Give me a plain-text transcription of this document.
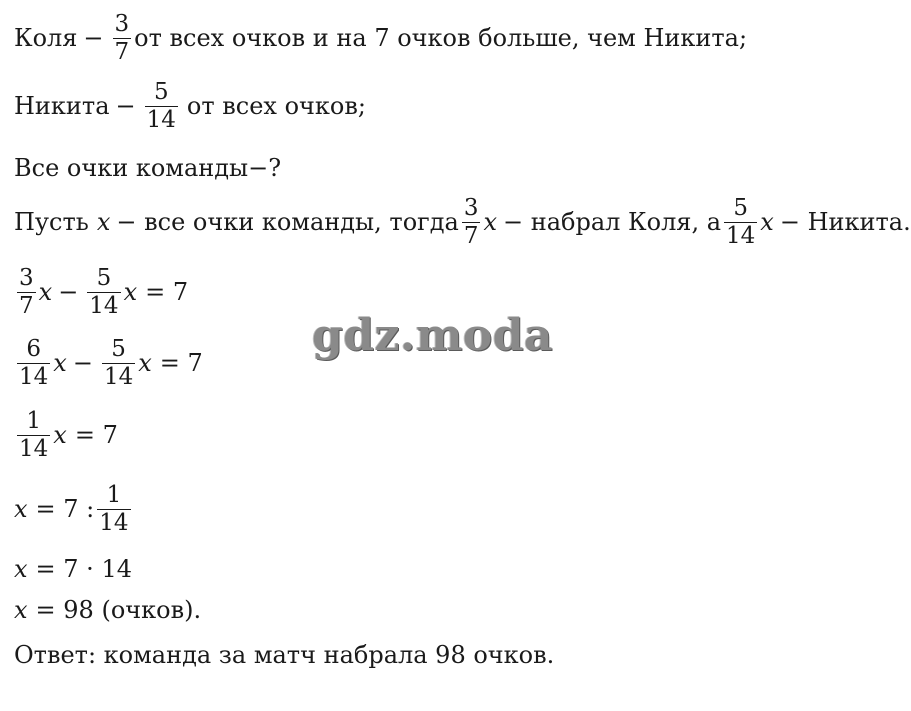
Коля − $\frac{3}{7}$ от всех очков и на 7 очков больше, чем Никита;
Никита − $\frac{5}{14}$ от всех очков;
Все очки команды−?
Пусть x − все очки команды, тогда $\frac{3}{7}$ x − набрал Коля, а $\frac{5}{14}$ x − Никита.
$\frac{3}{7}$ $x - \frac{5}{14}$ x = 7
$\frac{6}{14}$ $x - \frac{5}{14}$ x = 7
$\frac{1}{14}$ x = 7
x = 7 : $\frac{1}{14}$
x = 7 · 14
x = 98 (очков).
Ответ: команда за матч набрала 98 очков.
gdz.moda
